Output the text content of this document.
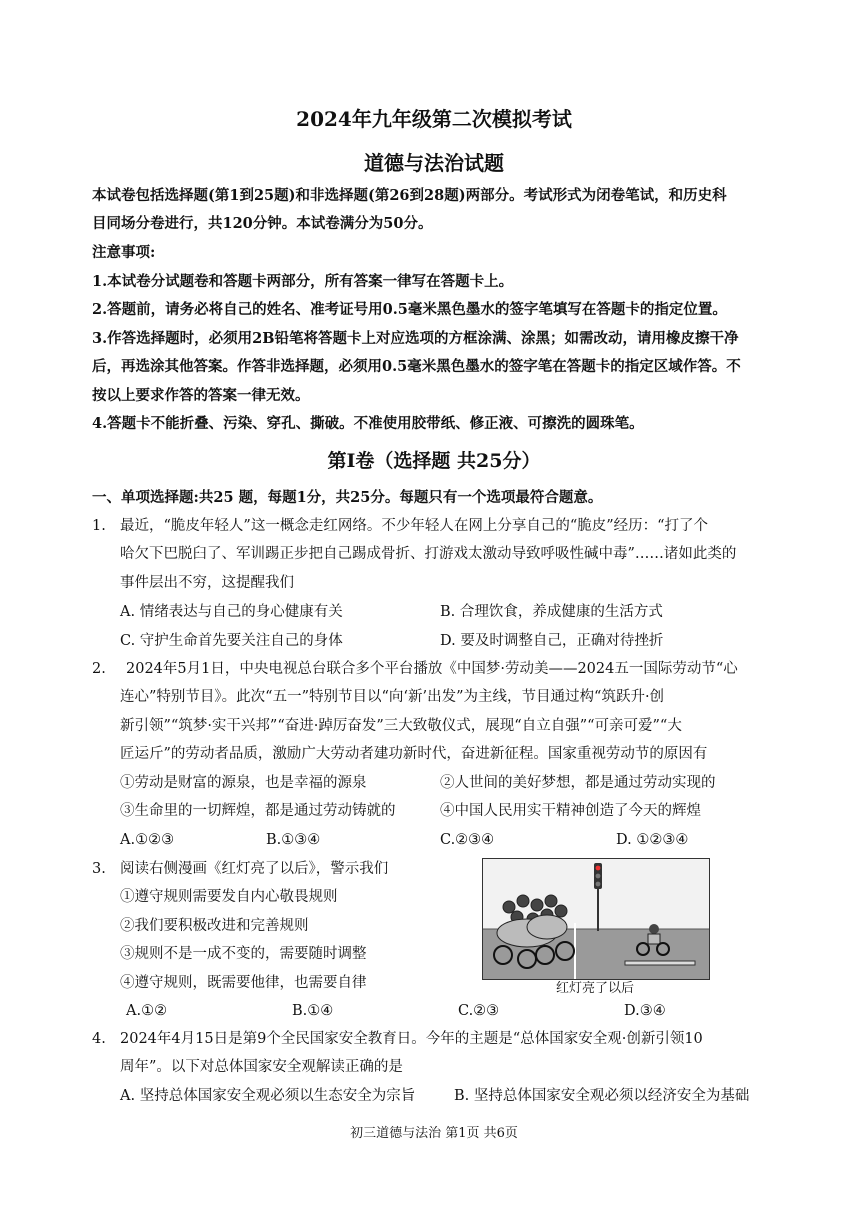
2024年九年级第二次模拟考试
道德与法治试题
本试卷包括选择题(第1到25题)和非选择题(第26到28题)两部分。考试形式为闭卷笔试，和历史科
目同场分卷进行，共120分钟。本试卷满分为50分。
注意事项:
1.本试卷分试题卷和答题卡两部分，所有答案一律写在答题卡上。
2.答题前，请务必将自己的姓名、准考证号用0.5毫米黑色墨水的签字笔填写在答题卡的指定位置。
3.作答选择题时，必须用2B铅笔将答题卡上对应选项的方框涂满、涂黑；如需改动，请用橡皮擦干净
后，再选涂其他答案。作答非选择题，必须用0.5毫米黑色墨水的签字笔在答题卡的指定区域作答。不
按以上要求作答的答案一律无效。
4.答题卡不能折叠、污染、穿孔、撕破。不准使用胶带纸、修正液、可擦洗的圆珠笔。
第Ⅰ卷（选择题 共25分）
一、单项选择题:共25 题，每题1分，共25分。每题只有一个选项最符合题意。
1. 最近，“脆皮年轻人”这一概念走红网络。不少年轻人在网上分享自己的“脆皮”经历：“打了个
哈欠下巴脱臼了、军训踢正步把自己踢成骨折、打游戏太激动导致呼吸性碱中毒”……诸如此类的
事件层出不穷，这提醒我们
A. 情绪表达与自己的身心健康有关	B. 合理饮食，养成健康的生活方式
C. 守护生命首先要关注自己的身体	D. 要及时调整自己，正确对待挫折
2. 2024年5月1日，中央电视总台联合多个平台播放《中国梦·劳动美——2024五一国际劳动节“心
连心”特别节目》。此次“五一”特别节目以“向‘新’出发”为主线，节目通过构“筑跃升·创
新引领”“筑梦·实干兴邦”“奋进·踔厉奋发”三大致敬仪式，展现“自立自强”“可亲可爱”“大
匠运斤”的劳动者品质，激励广大劳动者建功新时代，奋进新征程。国家重视劳动节的原因有
①劳动是财富的源泉，也是幸福的源泉	②人世间的美好梦想，都是通过劳动实现的
③生命里的一切辉煌，都是通过劳动铸就的	④中国人民用实干精神创造了今天的辉煌
A.①②③	B.①③④	C.②③④	D. ①②③④
3. 阅读右侧漫画《红灯亮了以后》，警示我们
①遵守规则需要发自内心敬畏规则
②我们要积极改进和完善规则
③规则不是一成不变的，需要随时调整
④遵守规则，既需要他律，也需要自律	红灯亮了以后
A.①②	B.①④	C.②③	D.③④
4. 2024年4月15日是第9个全民国家安全教育日。今年的主题是“总体国家安全观·创新引领10
周年”。以下对总体国家安全观解读正确的是
A. 坚持总体国家安全观必须以生态安全为宗旨	B. 坚持总体国家安全观必须以经济安全为基础
初三道德与法治 第1页 共6页
